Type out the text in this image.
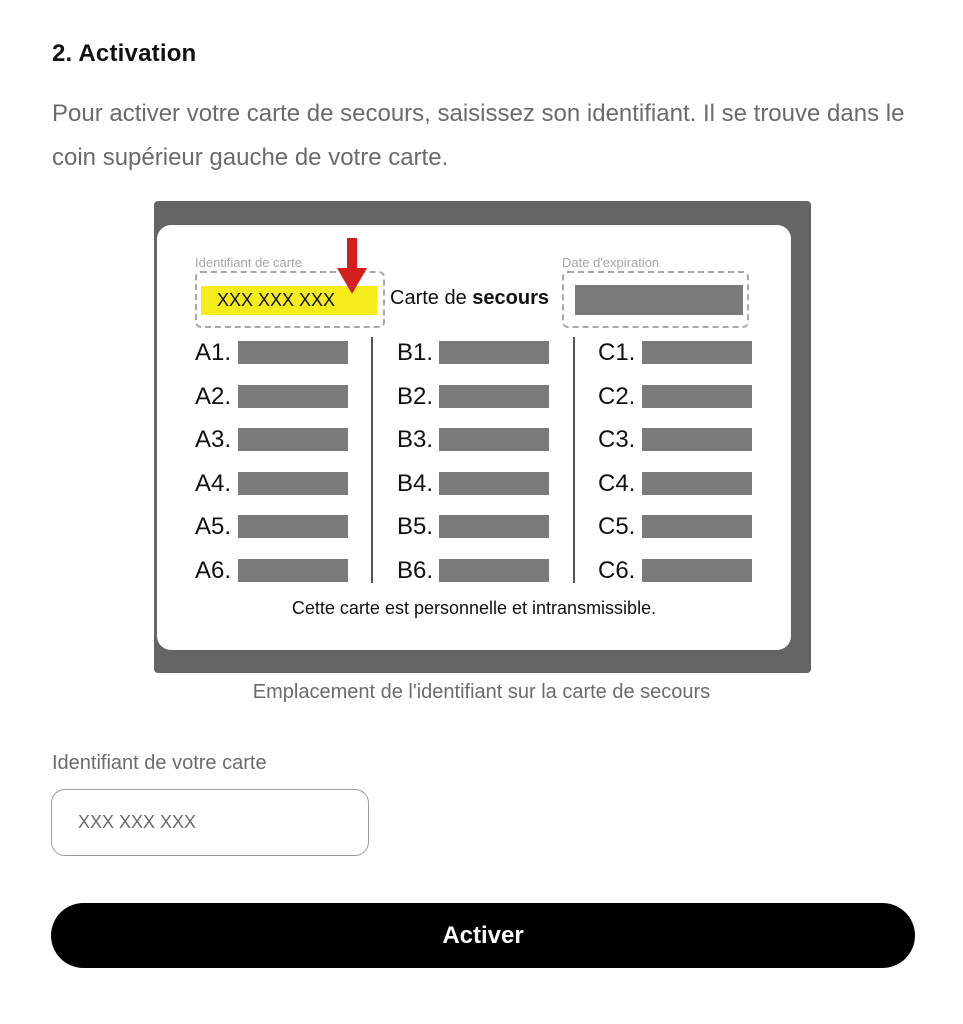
2. Activation
Pour activer votre carte de secours, saisissez son identifiant. Il se trouve dans le coin supérieur gauche de votre carte.
Identifiant de carte
XXX XXX XXX	Carte de secours
Date d'expiration
A1.
A2.
A3.
A4.
A5.
A6.
B1.
B2.
B3.
B4.
B5.
B6.
C1.
C2.
C3.
C4.
C5.
C6.
Cette carte est personnelle et intransmissible.
Emplacement de l'identifiant sur la carte de secours
Identifiant de votre carte
XXX XXX XXX
Activer
